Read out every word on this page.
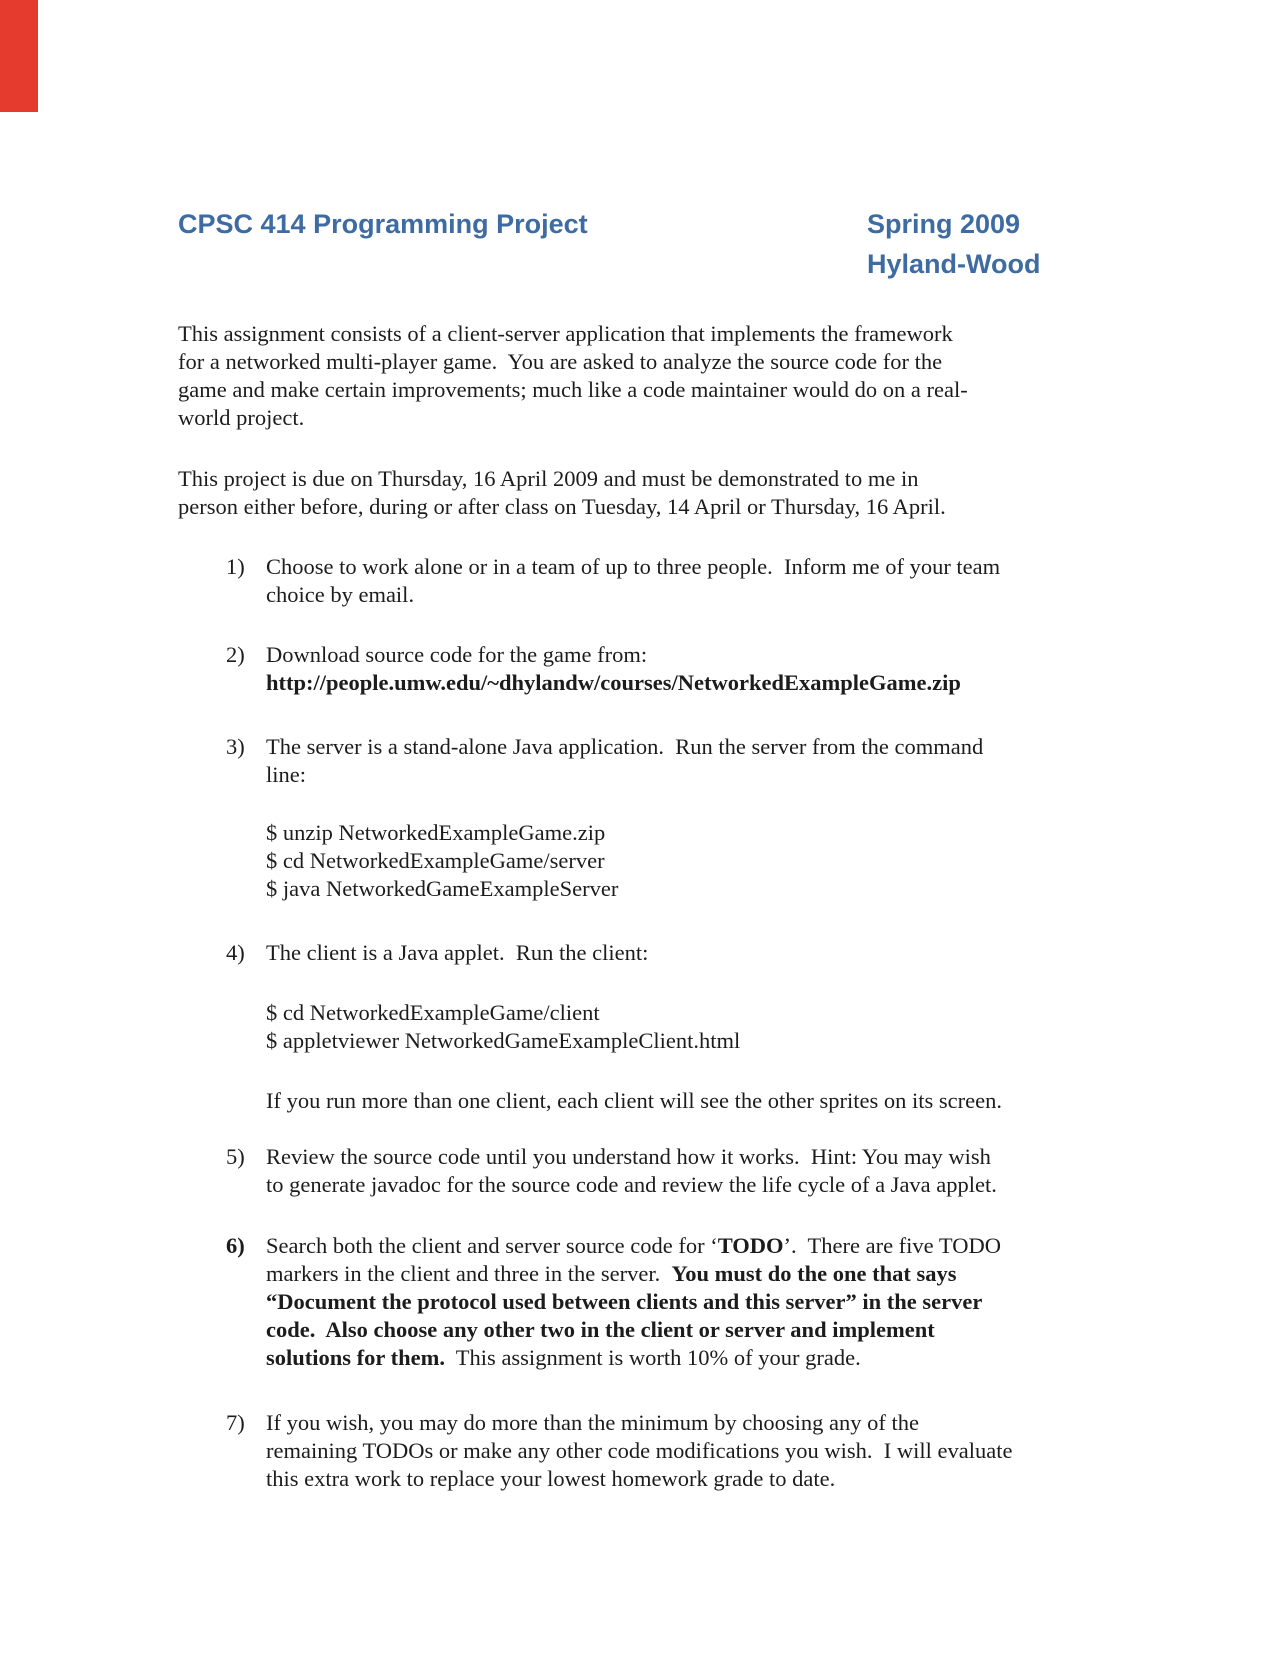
CPSC 414 Programming Project	Spring 2009
Hyland-Wood
This assignment consists of a client-server application that implements the framework
for a networked multi-player game.  You are asked to analyze the source code for the
game and make certain improvements; much like a code maintainer would do on a real-
world project.
This project is due on Thursday, 16 April 2009 and must be demonstrated to me in
person either before, during or after class on Tuesday, 14 April or Thursday, 16 April.
1) Choose to work alone or in a team of up to three people.  Inform me of your team
choice by email.
2) Download source code for the game from:
http://people.umw.edu/~dhylandw/courses/NetworkedExampleGame.zip
3) The server is a stand-alone Java application.  Run the server from the command
line:
$ unzip NetworkedExampleGame.zip
$ cd NetworkedExampleGame/server
$ java NetworkedGameExampleServer
4) The client is a Java applet.  Run the client:
$ cd NetworkedExampleGame/client
$ appletviewer NetworkedGameExampleClient.html
If you run more than one client, each client will see the other sprites on its screen.
5) Review the source code until you understand how it works.  Hint: You may wish
to generate javadoc for the source code and review the life cycle of a Java applet.
6) Search both the client and server source code for ‘TODO’.  There are five TODO
markers in the client and three in the server.  You must do the one that says
“Document the protocol used between clients and this server” in the server
code.  Also choose any other two in the client or server and implement
solutions for them.  This assignment is worth 10% of your grade.
7) If you wish, you may do more than the minimum by choosing any of the
remaining TODOs or make any other code modifications you wish.  I will evaluate
this extra work to replace your lowest homework grade to date.
